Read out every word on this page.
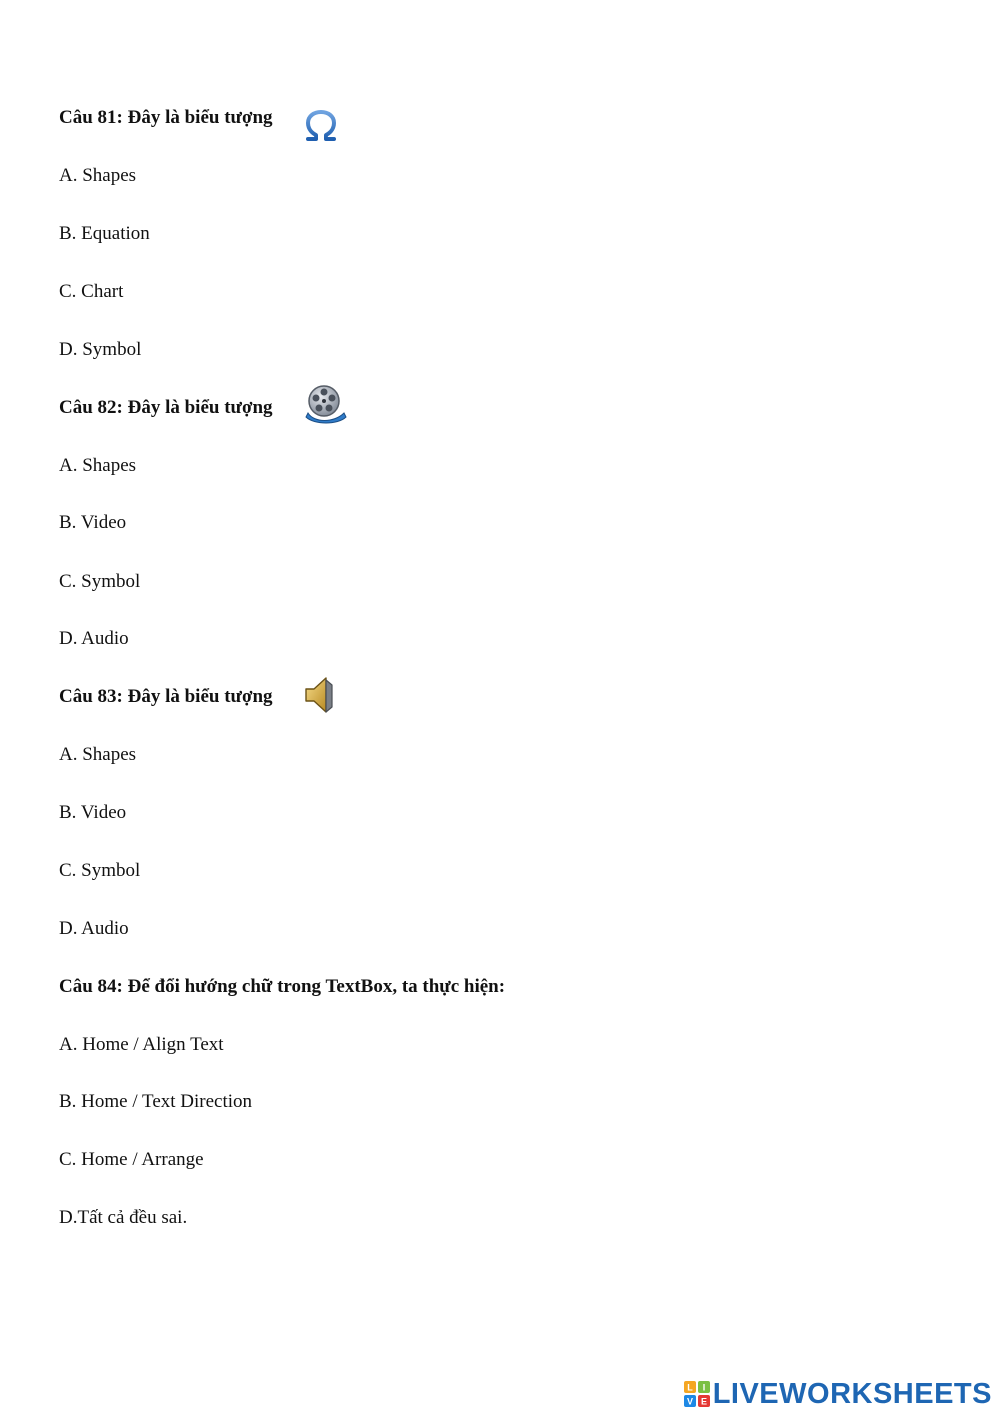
Câu 81: Đây là biểu tượng
A. Shapes
B. Equation
C. Chart
D. Symbol
Câu 82: Đây là biểu tượng
A. Shapes
B. Video
C. Symbol
D. Audio
Câu 83: Đây là biểu tượng
A. Shapes
B. Video
C. Symbol
D. Audio
Câu 84: Để đổi hướng chữ trong TextBox, ta thực hiện:
A. Home / Align Text
B. Home / Text Direction
C. Home / Arrange
D.Tất cả đều sai.
L I
V E LIVEWORKSHEETS
